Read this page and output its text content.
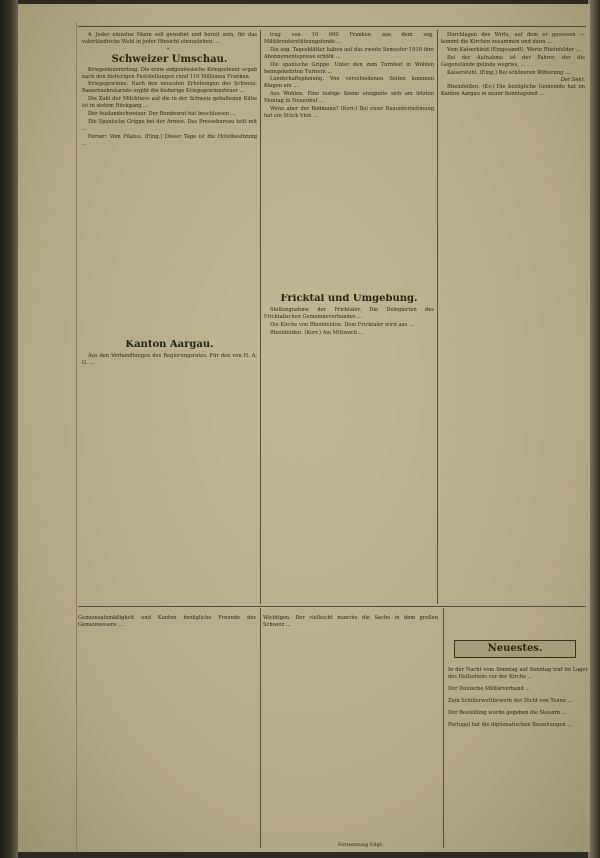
4. Jeder einzelne Mann soll gewahnt und bereit sein, für das vaterländische Wohl in jeder Hinsicht einzustehen; ...

*
Schweizer Umschau.

Kriegssteuerertrag. Die erste eidgenössische Kriegssteuer ergab nach den bisherigen Feststellungen rund 110 Millionen Franken.

Kriegsgewinne. Nach den neuesten Erhebungen des Schweiz. Bauernsekretariats ergibt die bisherige Kriegsgewinnsteuer ...

Die Zahl der Milchtiere auf die in der Schweiz gehaltenen Kühe ist in stetem Rückgang ...

Der Auslandschweizer. Der Bundesrat hat beschlossen ...

Die Spanische Grippe bei der Armee. Das Pressebureau teilt mit ...

Ferner: Vom Pilatus. (Eing.) Dieser Tage ist die Hotelbesitzung ...

Kanton Aargau.

Aus den Verhandlungen des Regierungsrates. Für den von H. A. G. ...

trag von 10 000 Franken aus dem sog. Militärunterstützungsfonds ...

Die sog. Tagesblätter haben auf das zweite Semester 1918 ihre Abonnementspreise erhöht ...

Die spanische Grippe. Unter den zum Turnfest in Wohlen heimgekehrten Turnern ...

Landschaftsplanung. Von verschiedenen Seiten kommen Klagen ein ...

Aus Wohlen. Eine lustige Szene ereignete sich am letzten Montag in Neuenhof ...

Wenn aber der Bodmann? (Korr.) Bei einer Bauunternehmung hat ein Stück Vieh ...

Fricktal und Umgebung.

Stellungnahme der Fricktaler. Die Delegierten des Fricktalischen Gemeindeverbandes ...

Die Kirche von Rheinfelden. Dem Fricktaler wird aus ...

Rheinfelden. (Korr.) Am Mittwoch ...

Durchlagen des Wirts, auf dem er gesessen — kommt die Kirchen zusammen und dann ...

Vom Kaiserkleid (Eingesandt). Werte Rheinfelder ...

Bei der Aufnahme ist der Fahrer, der die Gegenstände gelinde wegriss, ...

Kaiserstuhl. (Eing.) Bei schöneren Witterung ...

Der Sekr.

Rheinfelden. (Kv.) Die bezügliche Gemeinde hat im Kanton Aargau in neuer Sonntagszeit ...

Gemeinsatzmäßigkeit und Kanton bezügliche Freunde des Gemeinwesens ...

Wichtigen. Der vielleicht manche die Sache in dem großen Schweiz ...

Fortsetzung folgt.
Neuestes.

In der Nacht vom Sonntag auf Sonntag traf im Lager des Hellsehens vor der Kirche ...

Der Deutsche Militärverband ...

Zum Schülerwettbewerb der Dicht von Tenne ...

Der Bestellung wurde gegeben die Steuern ...

Portugal hat die diplomatischen Beziehungen ...
